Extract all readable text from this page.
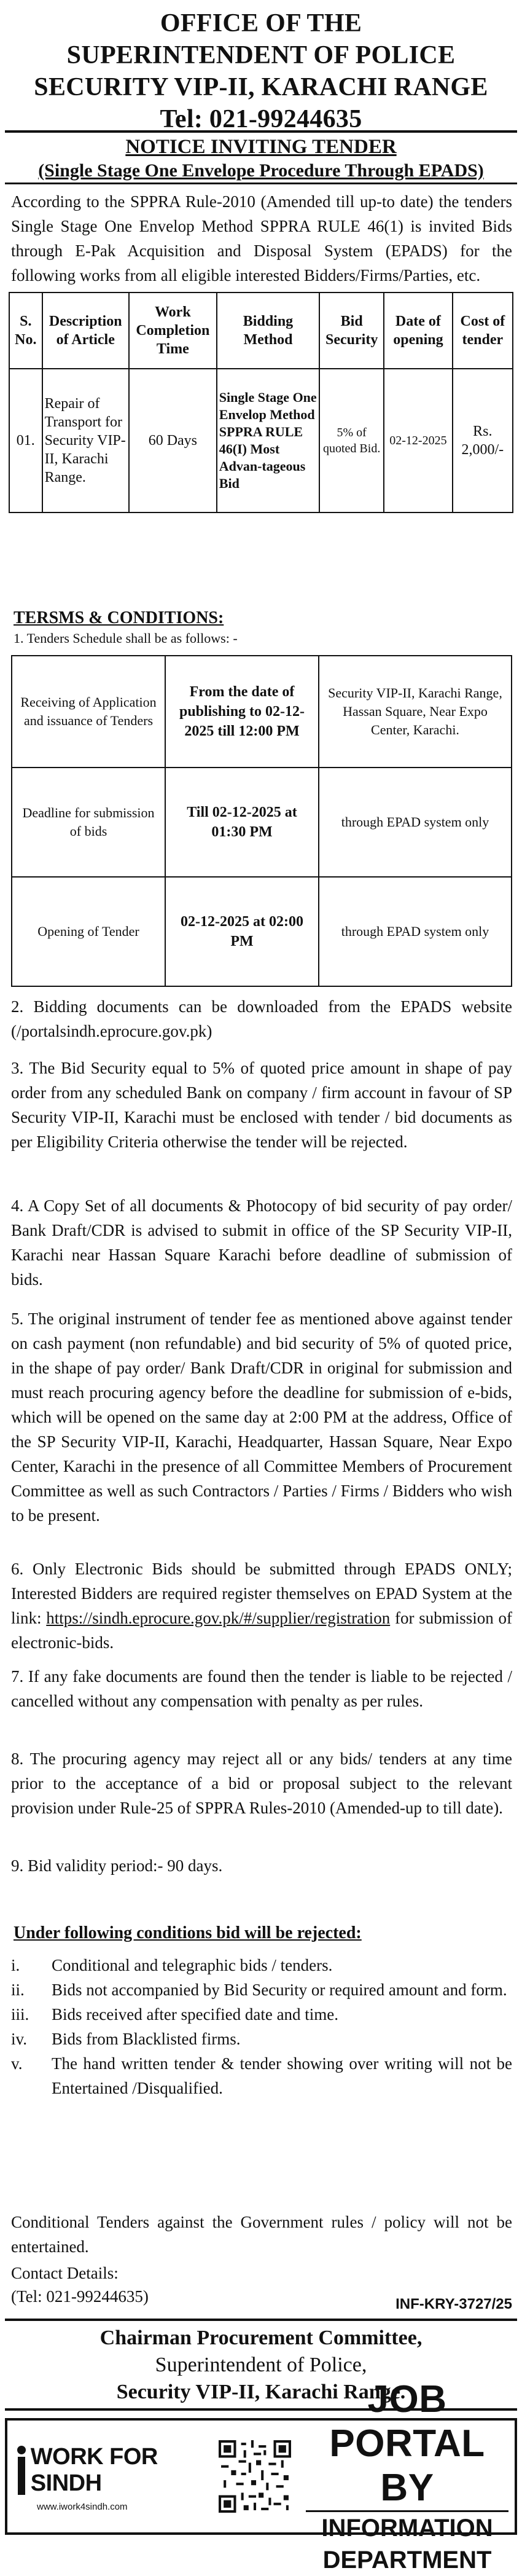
OFFICE OF THE
SUPERINTENDENT OF POLICE
SECURITY VIP-II, KARACHI RANGE
Tel: 021-99244635
NOTICE INVITING TENDER
(Single Stage One Envelope Procedure Through EPADS)
According to the SPPRA Rule-2010 (Amended till up-to date) the tenders Single Stage One Envelop Method SPPRA RULE 46(1) is invited Bids through E-Pak Acquisition and Disposal System (EPADS) for the following works from all eligible interested Bidders/Firms/Parties, etc.
S. No.	Description of Article	Work Completion Time	Bidding Method	Bid Security	Date of opening	Cost of tender
01.	Repair of Transport for Security VIP-II, Karachi Range.	60 Days	Single Stage One Envelop Method SPPRA RULE 46(I) Most Advan-tageous Bid	5% of quoted Bid.	02-12-2025	Rs. 2,000/-
TERSMS & CONDITIONS:
1. Tenders Schedule shall be as follows: -
Receiving of Application and issuance of Tenders	From the date of publishing to 02-12-2025 till 12:00 PM	Security VIP-II, Karachi Range, Hassan Square, Near Expo Center, Karachi.
Deadline for submission of bids	Till 02-12-2025 at 01:30 PM	through EPAD system only
Opening of Tender	02-12-2025 at 02:00 PM	through EPAD system only
2. Bidding documents can be downloaded from the EPADS website (/portalsindh.eprocure.gov.pk)
3. The Bid Security equal to 5% of quoted price amount in shape of pay order from any scheduled Bank on company / firm account in favour of SP Security VIP-II, Karachi must be enclosed with tender / bid documents as per Eligibility Criteria otherwise the tender will be rejected.
4. A Copy Set of all documents & Photocopy of bid security of pay order/ Bank Draft/CDR is advised to submit in office of the SP Security VIP-II, Karachi near Hassan Square Karachi before deadline of submission of bids.
5. The original instrument of tender fee as mentioned above against tender on cash payment (non refundable) and bid security of 5% of quoted price, in the shape of pay order/ Bank Draft/CDR in original for submission and must reach procuring agency before the deadline for submission of e-bids, which will be opened on the same day at 2:00 PM at the address, Office of the SP Security VIP-II, Karachi, Headquarter, Hassan Square, Near Expo Center, Karachi in the presence of all Committee Members of Procurement Committee as well as such Contractors / Parties / Firms / Bidders who wish to be present.
6. Only Electronic Bids should be submitted through EPADS ONLY; Interested Bidders are required register themselves on EPAD System at the link: https://sindh.eprocure.gov.pk/#/supplier/registration for submission of electronic-bids.
7. If any fake documents are found then the tender is liable to be rejected / cancelled without any compensation with penalty as per rules.
8. The procuring agency may reject all or any bids/ tenders at any time prior to the acceptance of a bid or proposal subject to the relevant provision under Rule-25 of SPPRA Rules-2010 (Amended-up to till date).
9. Bid validity period:- 90 days.
Under following conditions bid will be rejected:
i.	Conditional and telegraphic bids / tenders.
ii.	Bids not accompanied by Bid Security or required amount and form.
iii.	Bids received after specified date and time.
iv.	Bids from Blacklisted firms.
v.	The hand written tender & tender showing over writing will not be Entertained /Disqualified.
Conditional Tenders against the Government rules / policy will not be entertained.
Contact Details:
(Tel: 021-99244635)	INF-KRY-3727/25
Chairman Procurement Committee,
Superintendent of Police,
Security VIP-II, Karachi Range.
WORK FOR SINDH
www.iwork4sindh.com
JOB PORTAL BY
INFORMATION DEPARTMENT
